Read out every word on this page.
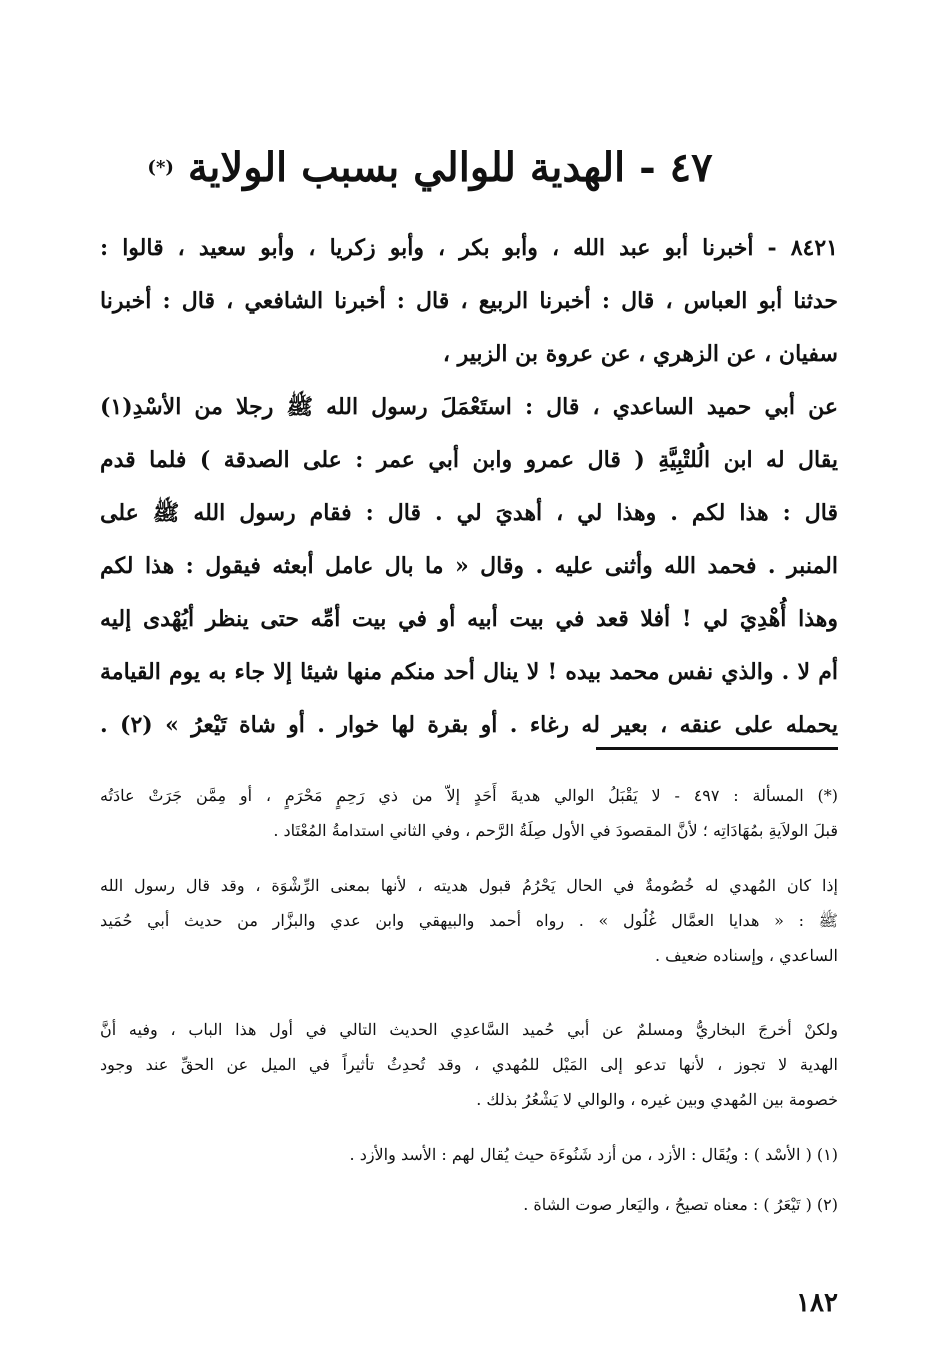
٤٧ - الهدية للوالي بسبب الولاية (*)
٨٤٢١ - أخبرنا أبو عبد الله ، وأبو بكر ، وأبو زكريا ، وأبو سعيد ، قالوا :
حدثنا أبو العباس ، قال : أخبرنا الربيع ، قال : أخبرنا الشافعي ، قال : أخبرنا
سفيان ، عن الزهري ، عن عروة بن الزبير ،
عن أبي حميد الساعدي ، قال : استَعْمَلَ رسول الله ﷺ رجلا من الأسْدِ(١)
يقال له ابن الُلتْبِيَّةِ ( قال عمرو وابن أبي عمر : على الصدقة ) فلما قدم
قال : هذا لكم . وهذا لي ، أهديَ لي . قال : فقام رسول الله ﷺ على
المنبر . فحمد الله وأثنى عليه . وقال « ما بال عامل أبعثه فيقول : هذا لكم
وهذا أُهْدِيَ لي ! أفلا قعد في بيت أبيه أو في بيت أمِّه حتى ينظر أيُهْدى إليه
أم لا . والذي نفس محمد بيده ! لا ينال أحد منكم منها شيئا إلا جاء به يوم القيامة
يحمله على عنقه ، بعير له رغاء . أو بقرة لها خوار . أو شاة تَيْعرُ » (٢) .
(*) المسألة : ٤٩٧ - لا يَقْبَلُ الوالي هديةَ أَحَدٍ إلاّ من ذي رَحِمٍ مَحْرَمٍ ، أو مِمَّن جَرَتْ عادَتُه
قبلَ الولاَيةِ بمُهَادَاتِه ؛ لأنَّ المقصودَ في الأول صِلَةُ الرَّحم ، وفي الثاني استدامةُ المُعْتَاد .
إذا كان المُهدي له خُصُومةٌ في الحال يَحْرُمُ قبول هديته ، لأنها بمعنى الرِّشْوَة ، وقد قال رسول الله
ﷺ : « هدايا العمَّال غُلُول » . رواه أحمد والبيهقي وابن عدي والبزَّار من حديث أبي حُمَيد
الساعدي ، وإسناده ضعيف .
ولكنْ أخرجَ البخاريُّ ومسلمٌ عن أبي حُميد السَّاعدِي الحديث التالي في أول هذا الباب ، وفيه أنَّ
الهدية لا تجوز ، لأنها تدعو إلى المَيْل للمُهدي ، وقد تُحدِثُ تأثيراً في الميل عن الحقِّ عند وجود
خصومة بين المُهدي وبين غيره ، والوالي لا يَشْعُرُ بذلك .
(١) ( الأسْد ) : ويُقَال : الأزد ، من أزد شَنُوءَة حيث يُقال لهم : الأسد والأزد .
(٢) ( تَيْعَرُ ) : معناه تصيحُ ، واليَعار صوت الشاة .
١٨٢
